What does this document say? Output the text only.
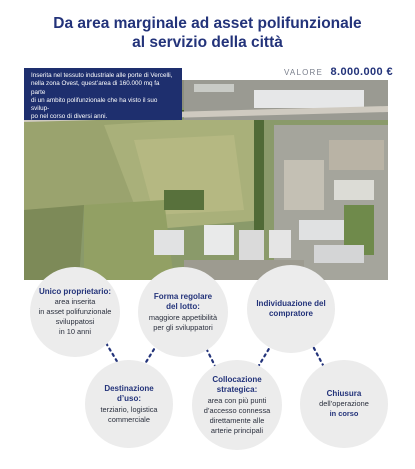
Da area marginale ad asset polifunzionale
al servizio della città
Inserita nel tessuto industriale alle porte di Vercelli,
nella zona Ovest, quest’area di 160.000 mq fa parte
di un ambito polifunzionale che ha visto il suo svilup-
po nel corso di diversi anni.
VALORE 8.000.000 €
Unico proprietario:
area inserita
in asset polifunzionale
sviluppatosi
in 10 anni
Forma regolare del lotto:
maggiore appetibilità
per gli sviluppatori
Individuazione del compratore
Destinazione d’uso:
terziario, logistica
commerciale
Collocazione strategica:
area con più punti
d’accesso connessa
direttamente alle
arterie principali
Chiusura
dell’operazione
in corso
